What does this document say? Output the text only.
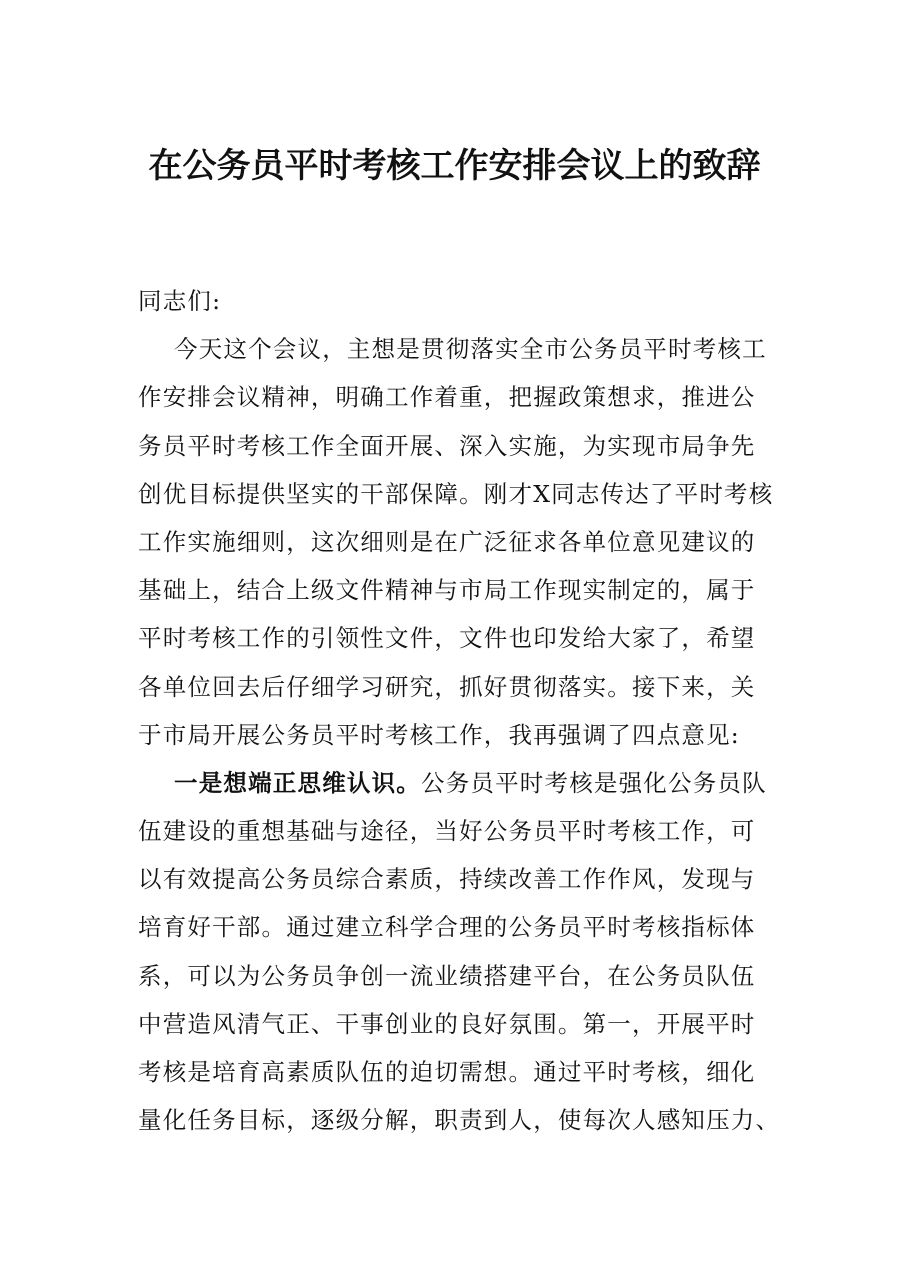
在公务员平时考核工作安排会议上的致辞
同志们:
今天这个会议，主想是贯彻落实全市公务员平时考核工
作安排会议精神，明确工作着重，把握政策想求，推进公
务员平时考核工作全面开展、深入实施，为实现市局争先
创优目标提供坚实的干部保障。刚才X同志传达了平时考核
工作实施细则，这次细则是在广泛征求各单位意见建议的
基础上，结合上级文件精神与市局工作现实制定的，属于
平时考核工作的引领性文件，文件也印发给大家了，希望
各单位回去后仔细学习研究，抓好贯彻落实。接下来，关
于市局开展公务员平时考核工作，我再强调了四点意见:
一是想端正思维认识。公务员平时考核是强化公务员队
伍建设的重想基础与途径，当好公务员平时考核工作，可
以有效提高公务员综合素质，持续改善工作作风，发现与
培育好干部。通过建立科学合理的公务员平时考核指标体
系，可以为公务员争创一流业绩搭建平台，在公务员队伍
中营造风清气正、干事创业的良好氛围。第一，开展平时
考核是培育高素质队伍的迫切需想。通过平时考核，细化
量化任务目标，逐级分解，职责到人，使每次人感知压力、
